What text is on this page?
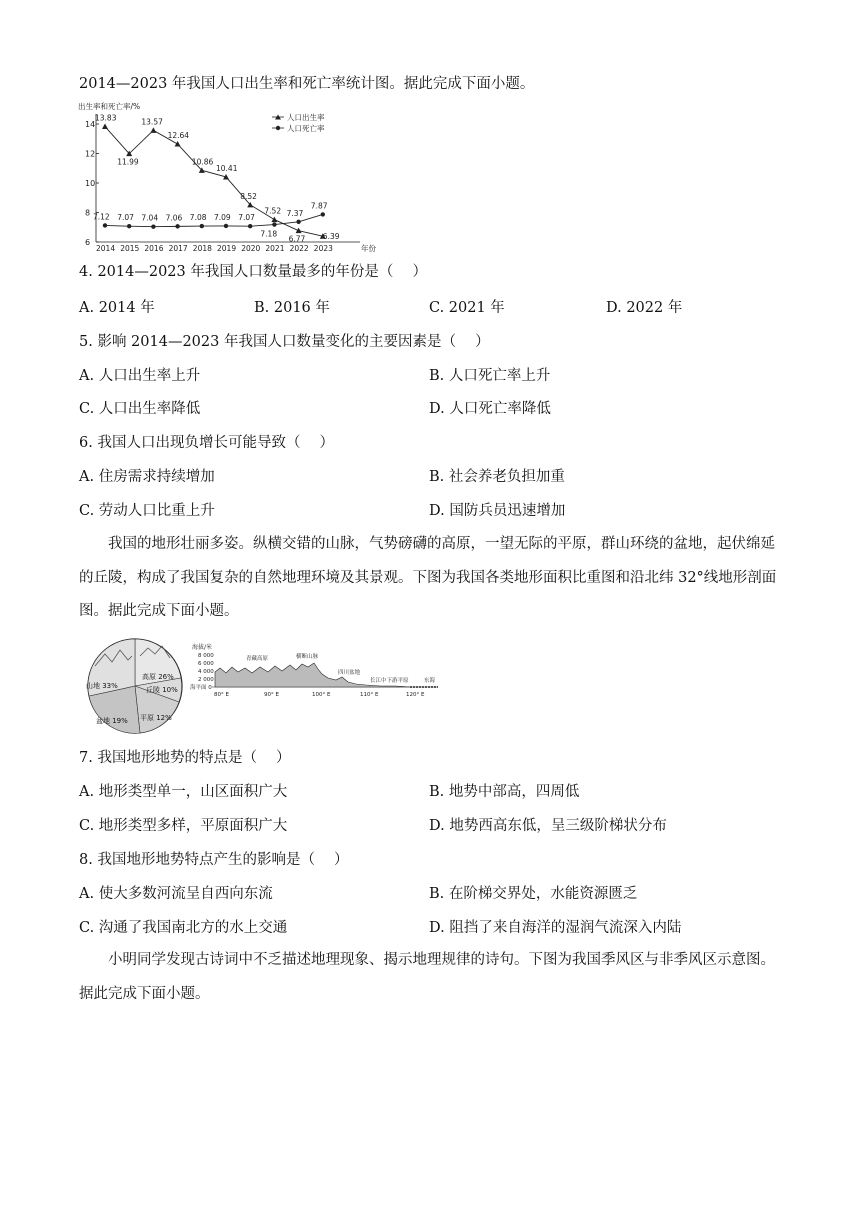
2014—2023 年我国人口出生率和死亡率统计图。据此完成下面小题。
出生率和死亡率/%
6
8
10
12
14
2014 2015 2016 2017 2018 2019 2020 2021 2022 2023	年份
13.83
11.99
13.57
12.64
10.86
10.41
8.52
7.52
6.77 6.39
7.12 7.07 7.04 7.06 7.08 7.09 7.07
7.18
7.37
7.87
人口出生率
人口死亡率
4. 2014—2023 年我国人口数量最多的年份是（　 ）
A. 2014 年	B. 2016 年	C. 2021 年	D. 2022 年
5. 影响 2014—2023 年我国人口数量变化的主要因素是（　 ）
A. 人口出生率上升	B. 人口死亡率上升
C. 人口出生率降低	D. 人口死亡率降低
6. 我国人口出现负增长可能导致（　 ）
A. 住房需求持续增加	B. 社会养老负担加重
C. 劳动人口比重上升	D. 国防兵员迅速增加
我国的地形壮丽多姿。纵横交错的山脉，气势磅礴的高原，一望无际的平原，群山环绕的盆地，起伏绵延的丘陵，构成了我国复杂的自然地理环境及其景观。下图为我国各类地形面积比重图和沿北纬 32°线地形剖面图。据此完成下面小题。
高原 26%
丘陵 10%
山地 33%
盆地 19% 平原 12%
海拔/米
8 000
6 000
4 000
2 000
海平面 0
青藏高原	横断山脉
四川盆地
长江中下游平原	东海
80° E	90° E	100° E	110° E	120° E
7. 我国地形地势的特点是（　 ）
A. 地形类型单一，山区面积广大	B. 地势中部高，四周低
C. 地形类型多样，平原面积广大	D. 地势西高东低，呈三级阶梯状分布
8. 我国地形地势特点产生的影响是（　 ）
A. 使大多数河流呈自西向东流	B. 在阶梯交界处，水能资源匮乏
C. 沟通了我国南北方的水上交通	D. 阻挡了来自海洋的湿润气流深入内陆
小明同学发现古诗词中不乏描述地理现象、揭示地理规律的诗句。下图为我国季风区与非季风区示意图。据此完成下面小题。
